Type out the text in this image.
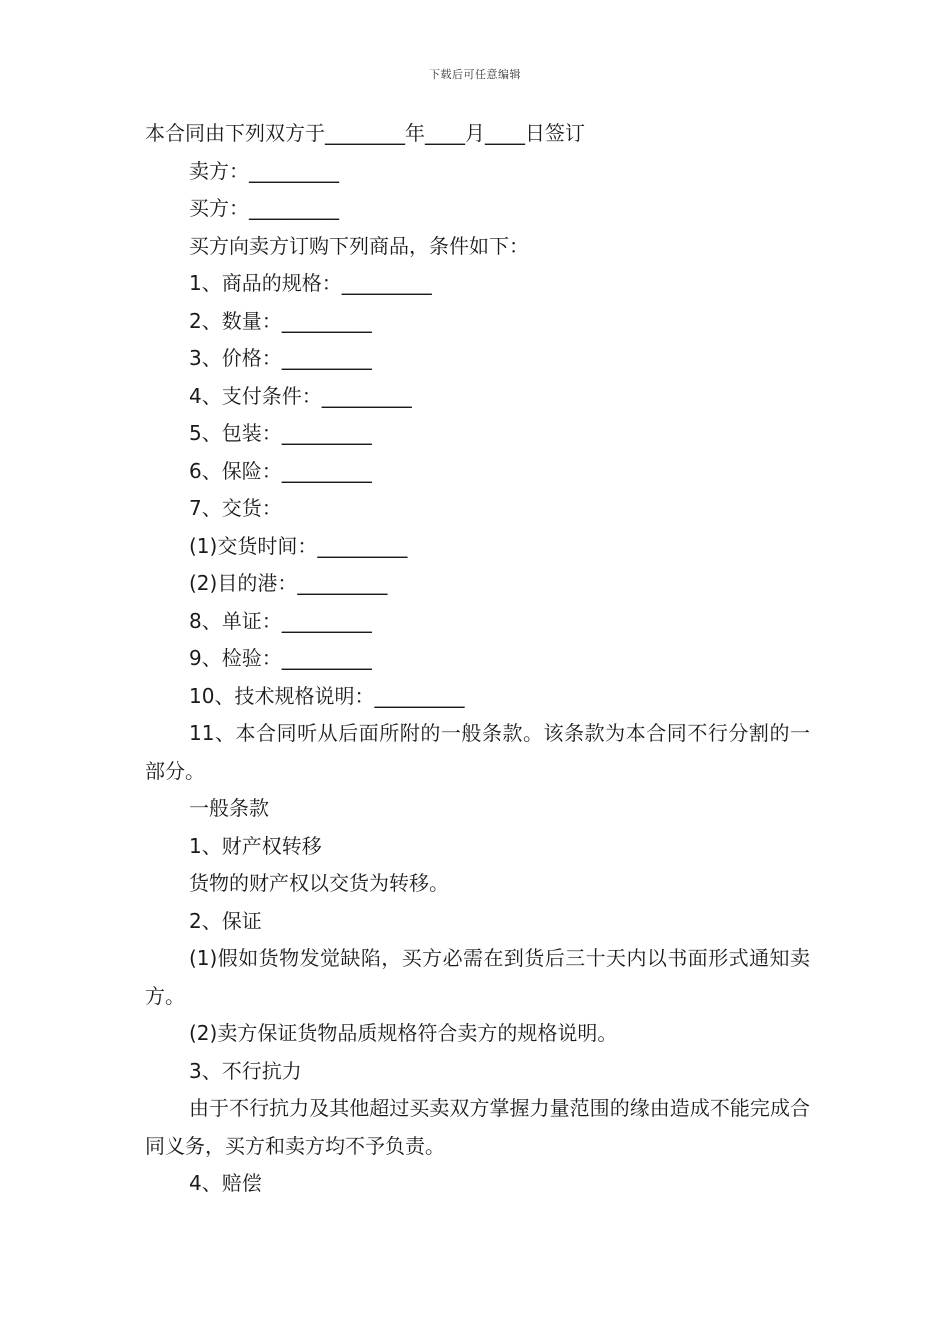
下载后可任意编辑

本合同由下列双方于________年____月____日签订

卖方：_________

买方：_________

买方向卖方订购下列商品，条件如下：

1、商品的规格：_________

2、数量：_________

3、价格：_________

4、支付条件：_________

5、包装：_________

6、保险：_________

7、交货：

(1)交货时间：_________

(2)目的港：_________

8、单证：_________

9、检验：_________

10、技术规格说明：_________

11、本合同听从后面所附的一般条款。该条款为本合同不行分割的一部分。

一般条款

1、财产权转移

货物的财产权以交货为转移。

2、保证

(1)假如货物发觉缺陷，买方必需在到货后三十天内以书面形式通知卖方。

(2)卖方保证货物品质规格符合卖方的规格说明。

3、不行抗力

由于不行抗力及其他超过买卖双方掌握力量范围的缘由造成不能完成合同义务，买方和卖方均不予负责。

4、赔偿
